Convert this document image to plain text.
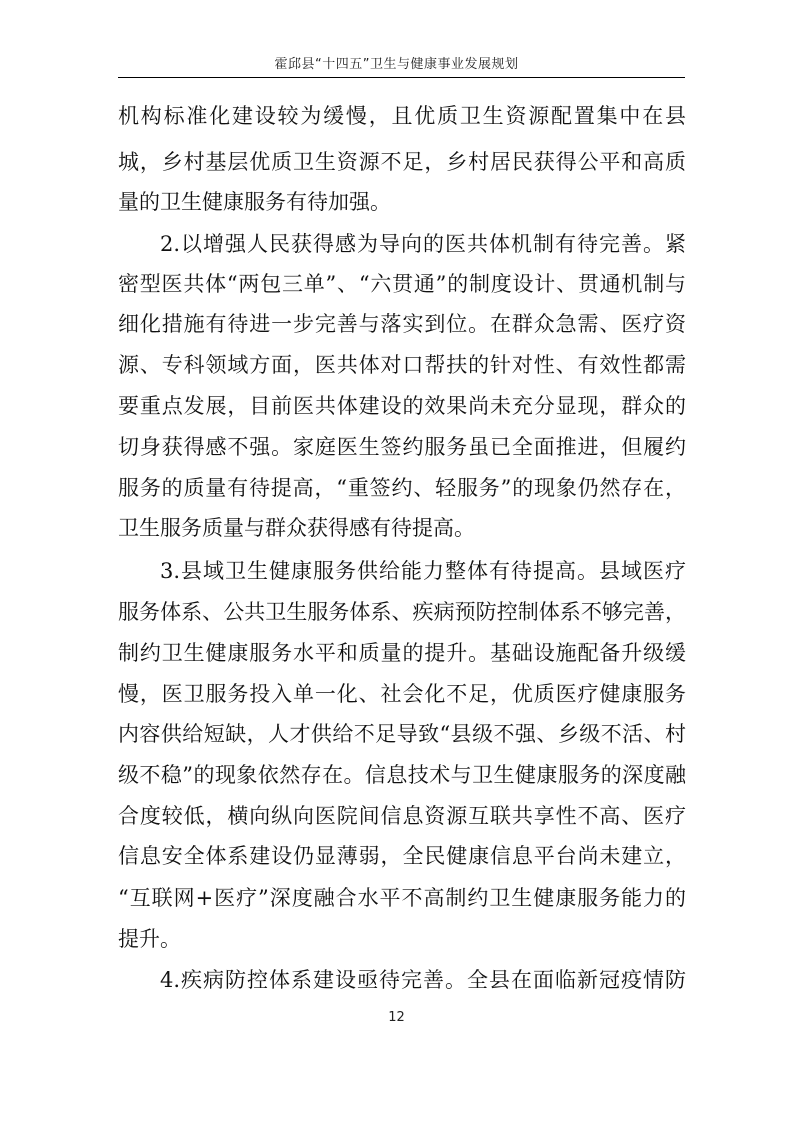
霍邱县“十四五”卫生与健康事业发展规划
机构标准化建设较为缓慢，且优质卫生资源配置集中在县
城，乡村基层优质卫生资源不足，乡村居民获得公平和高质
量的卫生健康服务有待加强。
2.以增强人民获得感为导向的医共体机制有待完善。紧
密型医共体“两包三单”、“六贯通”的制度设计、贯通机制与
细化措施有待进一步完善与落实到位。在群众急需、医疗资
源、专科领域方面，医共体对口帮扶的针对性、有效性都需
要重点发展，目前医共体建设的效果尚未充分显现，群众的
切身获得感不强。家庭医生签约服务虽已全面推进，但履约
服务的质量有待提高，“重签约、轻服务”的现象仍然存在，
卫生服务质量与群众获得感有待提高。
3.县域卫生健康服务供给能力整体有待提高。县域医疗
服务体系、公共卫生服务体系、疾病预防控制体系不够完善，
制约卫生健康服务水平和质量的提升。基础设施配备升级缓
慢，医卫服务投入单一化、社会化不足，优质医疗健康服务
内容供给短缺，人才供给不足导致“县级不强、乡级不活、村
级不稳”的现象依然存在。信息技术与卫生健康服务的深度融
合度较低，横向纵向医院间信息资源互联共享性不高、医疗
信息安全体系建设仍显薄弱，全民健康信息平台尚未建立，
“互联网+医疗”深度融合水平不高制约卫生健康服务能力的
提升。
4.疾病防控体系建设亟待完善。全县在面临新冠疫情防
12
